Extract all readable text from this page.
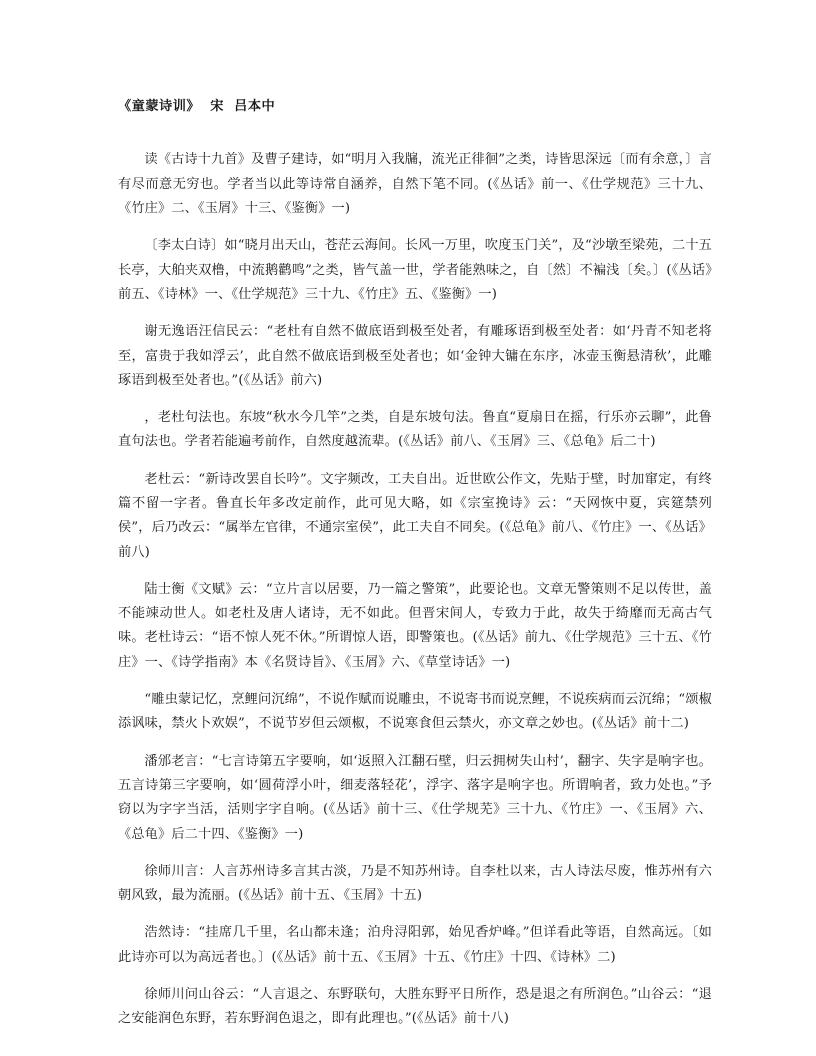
《童蒙诗训》  宋  吕本中

读《古诗十九首》及曹子建诗，如“明月入我牖，流光正徘徊”之类，诗皆思深远〔而有余意，〕言有尽而意无穷也。学者当以此等诗常自涵养，自然下笔不同。(《丛话》前一、《仕学规范》三十九、《竹庄》二、《玉屑》十三、《鉴衡》一)

〔李太白诗〕如“晓月出天山，苍茫云海间。长风一万里，吹度玉门关”，及“沙墩至梁苑，二十五长亭，大舶夹双橹，中流鹅鹳鸣”之类，皆气盖一世，学者能熟味之，自〔然〕不褊浅〔矣。〕(《丛话》前五、《诗林》一、《仕学规范》三十九、《竹庄》五、《鉴衡》一)

谢无逸语汪信民云：“老杜有自然不做底语到极至处者，有雕琢语到极至处者：如‘丹青不知老将至，富贵于我如浮云’，此自然不做底语到极至处者也；如‘金钟大镛在东序，冰壶玉衡悬清秋’，此雕琢语到极至处者也。”(《丛话》前六)

，老杜句法也。东坡“秋水今几竿”之类，自是东坡句法。鲁直“夏扇日在摇，行乐亦云聊”，此鲁直句法也。学者若能遍考前作，自然度越流辈。(《丛话》前八、《玉屑》三、《总龟》后二十)

老杜云：“新诗改罢自长吟”。文字频改，工夫自出。近世欧公作文，先贴于壁，时加窜定，有终篇不留一字者。鲁直长年多改定前作，此可见大略，如《宗室挽诗》云：“天网恢中夏，宾筵禁列侯”，后乃改云：“属举左官律，不通宗室侯”，此工夫自不同矣。(《总龟》前八、《竹庄》一、《丛话》前八)

陆士衡《文赋》云：“立片言以居要，乃一篇之警策”，此要论也。文章无警策则不足以传世，盖不能竦动世人。如老杜及唐人诸诗，无不如此。但晋宋间人，专致力于此，故失于绮靡而无高古气味。老杜诗云：“语不惊人死不休。”所谓惊人语，即警策也。(《丛话》前九、《仕学规范》三十五、《竹庄》一、《诗学指南》本《名贤诗旨》、《玉屑》六、《草堂诗话》一)

“雕虫蒙记忆，烹鲤问沉绵”，不说作赋而说雕虫，不说寄书而说烹鲤，不说疾病而云沉绵；“颂椒添讽味，禁火卜欢娱”，不说节岁但云颂椒，不说寒食但云禁火，亦文章之妙也。(《丛话》前十二)

潘邠老言：“七言诗第五字要响，如‘返照入江翻石壁，归云拥树失山村’，翻字、失字是响字也。五言诗第三字要响，如‘圆荷浮小叶，细麦落轻花’，浮字、落字是响字也。所谓响者，致力处也。”予窃以为字字当活，活则字字自响。(《丛话》前十三、《仕学规芜》三十九、《竹庄》一、《玉屑》六、《总龟》后二十四、《鉴衡》一)

徐师川言：人言苏州诗多言其古淡，乃是不知苏州诗。自李杜以来，古人诗法尽废，惟苏州有六朝风致，最为流丽。(《丛话》前十五、《玉屑》十五)

浩然诗：“挂席几千里，名山都未逢；泊舟浔阳郭，始见香炉峰。”但详看此等语，自然高远。〔如此诗亦可以为高远者也。〕(《丛话》前十五、《玉屑》十五、《竹庄》十四、《诗林》二)

徐师川问山谷云：“人言退之、东野联句，大胜东野平日所作，恐是退之有所润色。”山谷云：“退之安能润色东野，若东野润色退之，即有此理也。”(《丛话》前十八)
